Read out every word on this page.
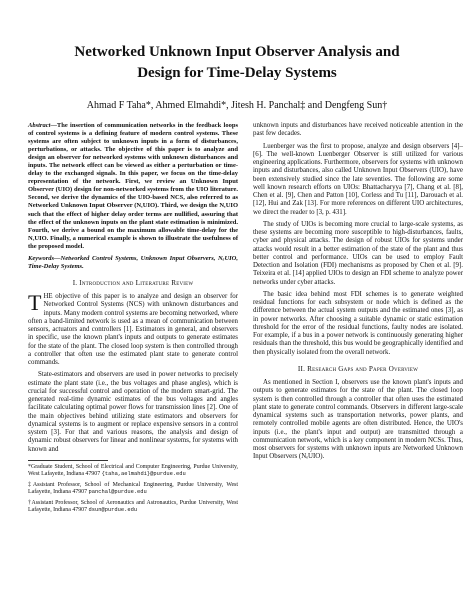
Networked Unknown Input Observer Analysis and
Design for Time-Delay Systems
Ahmad F Taha*, Ahmed Elmahdi*, Jitesh H. Panchal‡ and Dengfeng Sun†

Abstract—The insertion of communication networks in the feedback loops of control systems is a defining feature of modern control systems. These systems are often subject to unknown inputs in a form of disturbances, perturbations, or attacks. The objective of this paper is to analyze and design an observer for networked systems with unknown disturbances and inputs. The network effect can be viewed as either a perturbation or time-delay to the exchanged signals. In this paper, we focus on the time-delay representation of the network. First, we review an Unknown Input Observer (UIO) design for non-networked systems from the UIO literature. Second, we derive the dynamics of the UIO-based NCS, also referred to as Networked Unknown Input Observer (NₑUIO). Third, we design the NₑUIO such that the effect of higher delay order terms are nullified, assuring that the effect of the unknown inputs on the plant state estimation is minimized. Fourth, we derive a bound on the maximum allowable time-delay for the NₑUIO. Finally, a numerical example is shown to illustrate the usefulness of the proposed model.

Keywords—Networked Control Systems, Unknown Input Observers, NₑUIO, Time-Delay Systems.

I. Introduction and Literature Review

THE objective of this paper is to analyze and design an observer for Networked Control Systems (NCS) with unknown disturbances and inputs. Many modern control systems are becoming networked, where often a band-limited network is used as a mean of communication between sensors, actuators and controllers [1]. Estimators in general, and observers in specific, use the known plant's inputs and outputs to generate estimates for the state of the plant. The closed loop system is then controlled through a controller that often use the estimated plant state to generate control commands.

State-estimators and observers are used in power networks to precisely estimate the plant state (i.e., the bus voltages and phase angles), which is crucial for successful control and operation of the modern smart-grid. The generated real-time dynamic estimates of the bus voltages and angles facilitate calculating optimal power flows for transmission lines [2]. One of the main objectives behind utilizing state estimators and observers for dynamical systems is to augment or replace expensive sensors in a control system [3]. For that and various reasons, the analysis and design of dynamic robust observers for linear and nonlinear systems, for systems with known and

*Graduate Student, School of Electrical and Computer Engineering, Purdue University, West Lafayette, Indiana 47907 {taha,aelmahdi}@purdue.edu

‡Assistant Professor, School of Mechanical Engineering, Purdue University, West Lafayette, Indiana 47907 panchal@purdue.edu

†Assistant Professor, School of Aeronautics and Astronautics, Purdue University, West Lafayette, Indiana 47907 dsun@purdue.edu

unknown inputs and disturbances have received noticeable attention in the past few decades.

Luenberger was the first to propose, analyze and design observers [4]–[6]. The well-known Luenberger Observer is still utilized for various engineering applications. Furthermore, observers for systems with unknown inputs and disturbances, also called Unknown Input Observers (UIO), have been extensively studied since the late seventies. The following are some well known research efforts on UIOs: Bhattacharyya [7], Chang et al. [8], Chen et al. [9], Chen and Patton [10], Corless and Tu [11], Darouach et al. [12], Hui and Zak [13]. For more references on different UIO architectures, we direct the reader to [3, p. 431].

The study of UIOs is becoming more crucial to large-scale systems, as these systems are becoming more susceptible to high-disturbances, faults, cyber and physical attacks. The design of robust UIOs for systems under attacks would result in a better estimation of the state of the plant and thus better control and performance. UIOs can be used to employ Fault Detection and Isolation (FDI) mechanisms as proposed by Chen et al. [9]. Teixeira et al. [14] applied UIOs to design an FDI scheme to analyze power networks under cyber attacks.

The basic idea behind most FDI schemes is to generate weighted residual functions for each subsystem or node which is defined as the difference between the actual system outputs and the estimated ones [3], as in power networks. After choosing a suitable dynamic or static estimation threshold for the error of the residual functions, faulty nodes are isolated. For example, if a bus in a power network is continuously generating higher residuals than the threshold, this bus would be geographically identified and then physically isolated from the overall network.

II. Research Gaps and Paper Overview

As mentioned in Section I, observers use the known plant's inputs and outputs to generate estimates for the state of the plant. The closed loop system is then controlled through a controller that often uses the estimated plant state to generate control commands. Observers in different large-scale dynamical systems such as transportation networks, power plants, and remotely controlled mobile agents are often distributed. Hence, the UIO's inputs (i.e., the plant's input and output) are transmitted through a communication network, which is a key component in modern NCSs. Thus, most observers for systems with unknown inputs are Networked Unknown Input Observers (NₑUIO).
